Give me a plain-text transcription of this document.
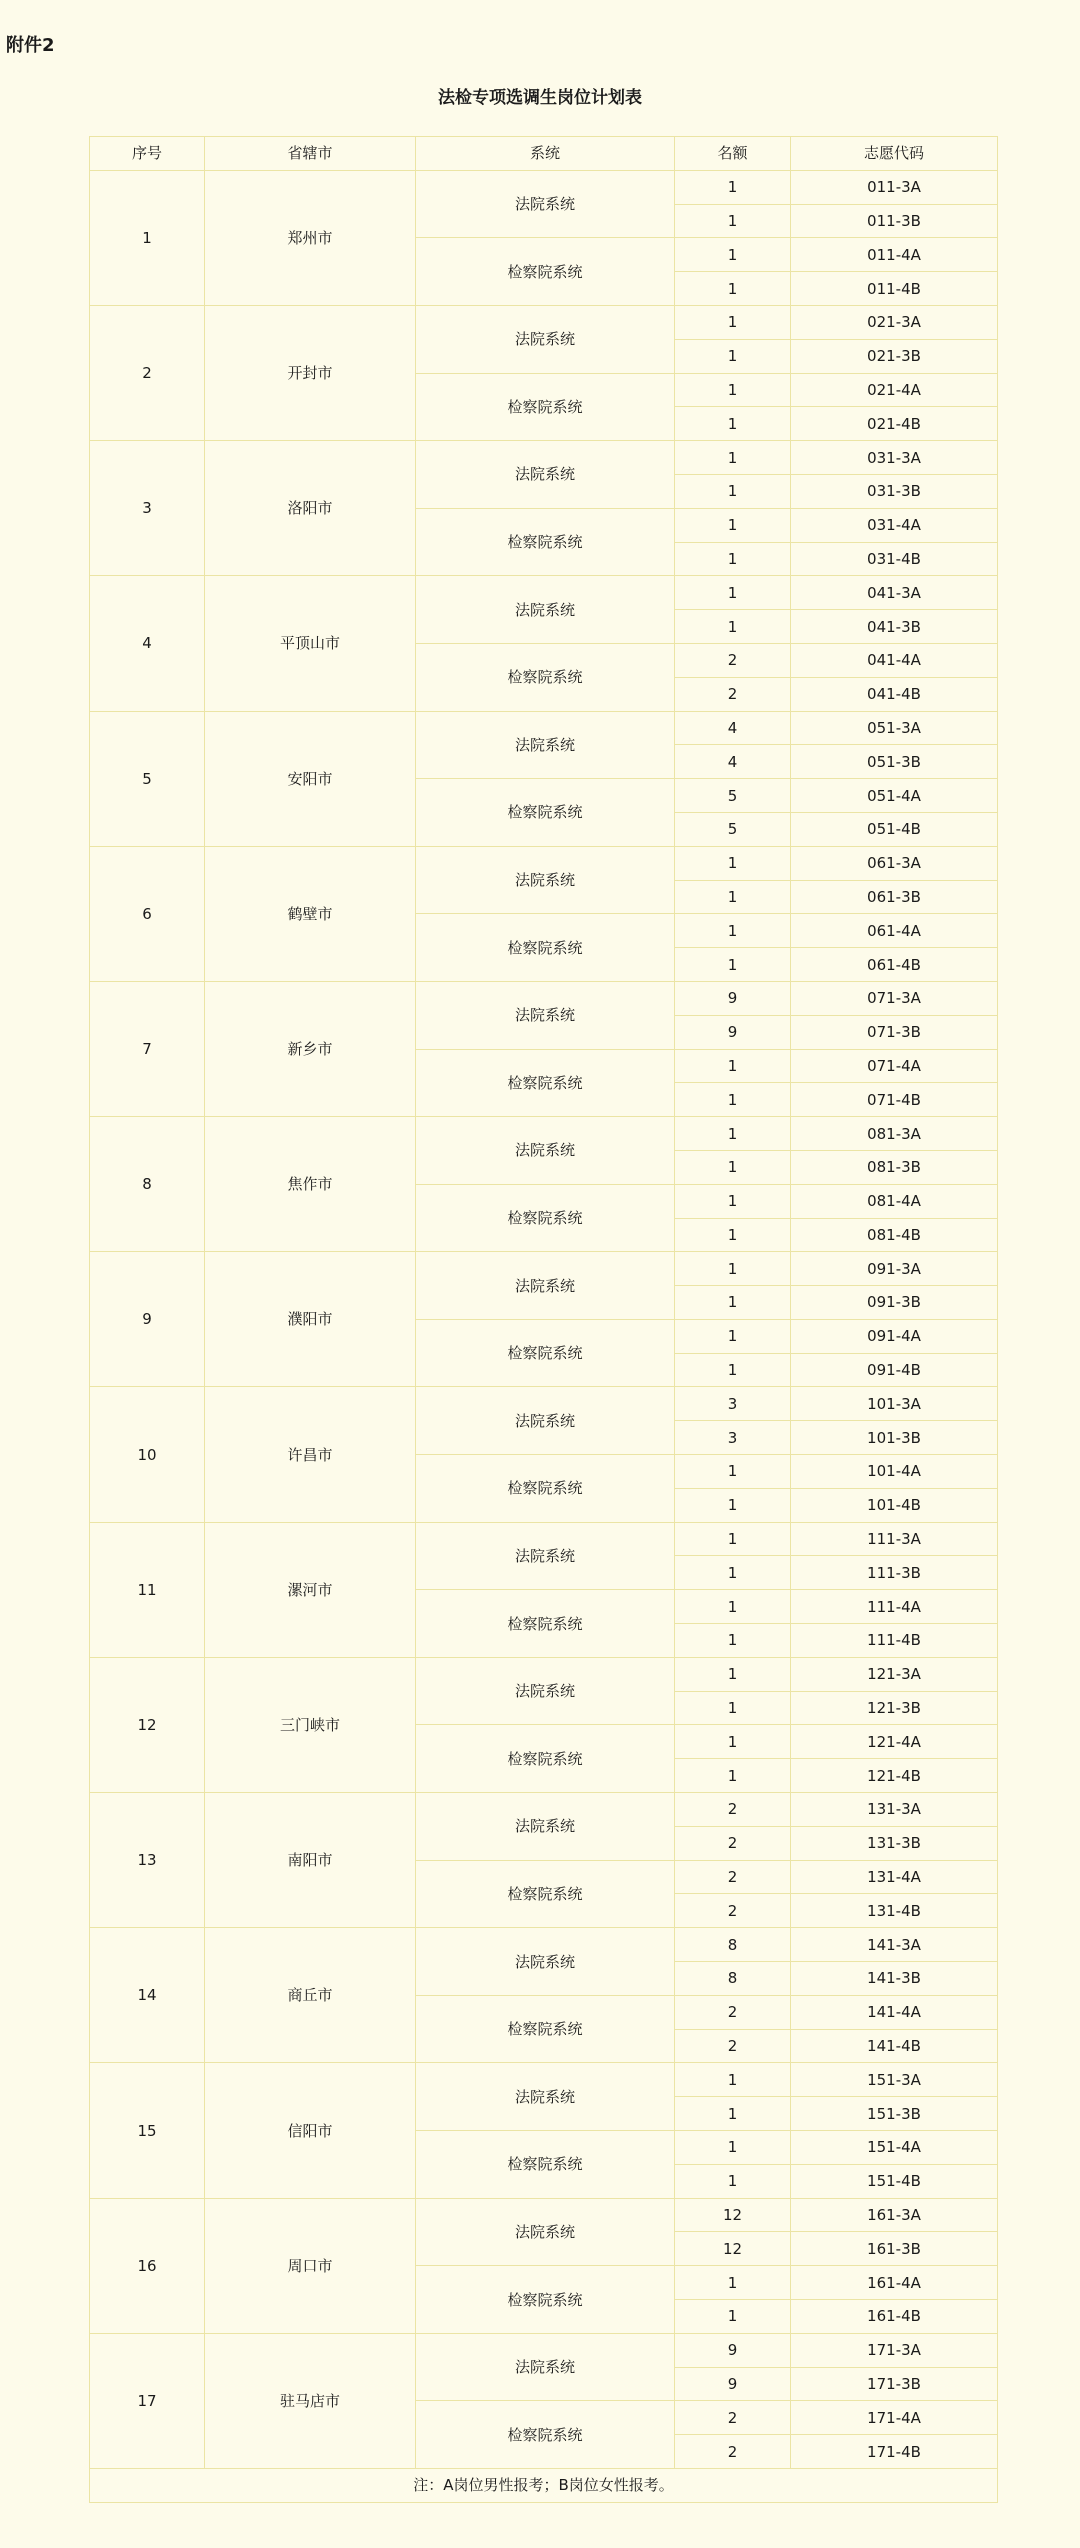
附件2
法检专项选调生岗位计划表
序号	省辖市	系统	名额	志愿代码
1	郑州市	法院系统	1	011-3A
			1	011-3B
		检察院系统	1	011-4A
			1	011-4B
2	开封市	法院系统	1	021-3A
			1	021-3B
		检察院系统	1	021-4A
			1	021-4B
3	洛阳市	法院系统	1	031-3A
			1	031-3B
		检察院系统	1	031-4A
			1	031-4B
4	平顶山市	法院系统	1	041-3A
			1	041-3B
		检察院系统	2	041-4A
			2	041-4B
5	安阳市	法院系统	4	051-3A
			4	051-3B
		检察院系统	5	051-4A
			5	051-4B
6	鹤壁市	法院系统	1	061-3A
			1	061-3B
		检察院系统	1	061-4A
			1	061-4B
7	新乡市	法院系统	9	071-3A
			9	071-3B
		检察院系统	1	071-4A
			1	071-4B
8	焦作市	法院系统	1	081-3A
			1	081-3B
		检察院系统	1	081-4A
			1	081-4B
9	濮阳市	法院系统	1	091-3A
			1	091-3B
		检察院系统	1	091-4A
			1	091-4B
10	许昌市	法院系统	3	101-3A
			3	101-3B
		检察院系统	1	101-4A
			1	101-4B
11	漯河市	法院系统	1	111-3A
			1	111-3B
		检察院系统	1	111-4A
			1	111-4B
12	三门峡市	法院系统	1	121-3A
			1	121-3B
		检察院系统	1	121-4A
			1	121-4B
13	南阳市	法院系统	2	131-3A
			2	131-3B
		检察院系统	2	131-4A
			2	131-4B
14	商丘市	法院系统	8	141-3A
			8	141-3B
		检察院系统	2	141-4A
			2	141-4B
15	信阳市	法院系统	1	151-3A
			1	151-3B
		检察院系统	1	151-4A
			1	151-4B
16	周口市	法院系统	12	161-3A
			12	161-3B
		检察院系统	1	161-4A
			1	161-4B
17	驻马店市	法院系统	9	171-3A
			9	171-3B
		检察院系统	2	171-4A
			2	171-4B
注：A岗位男性报考；B岗位女性报考。				
